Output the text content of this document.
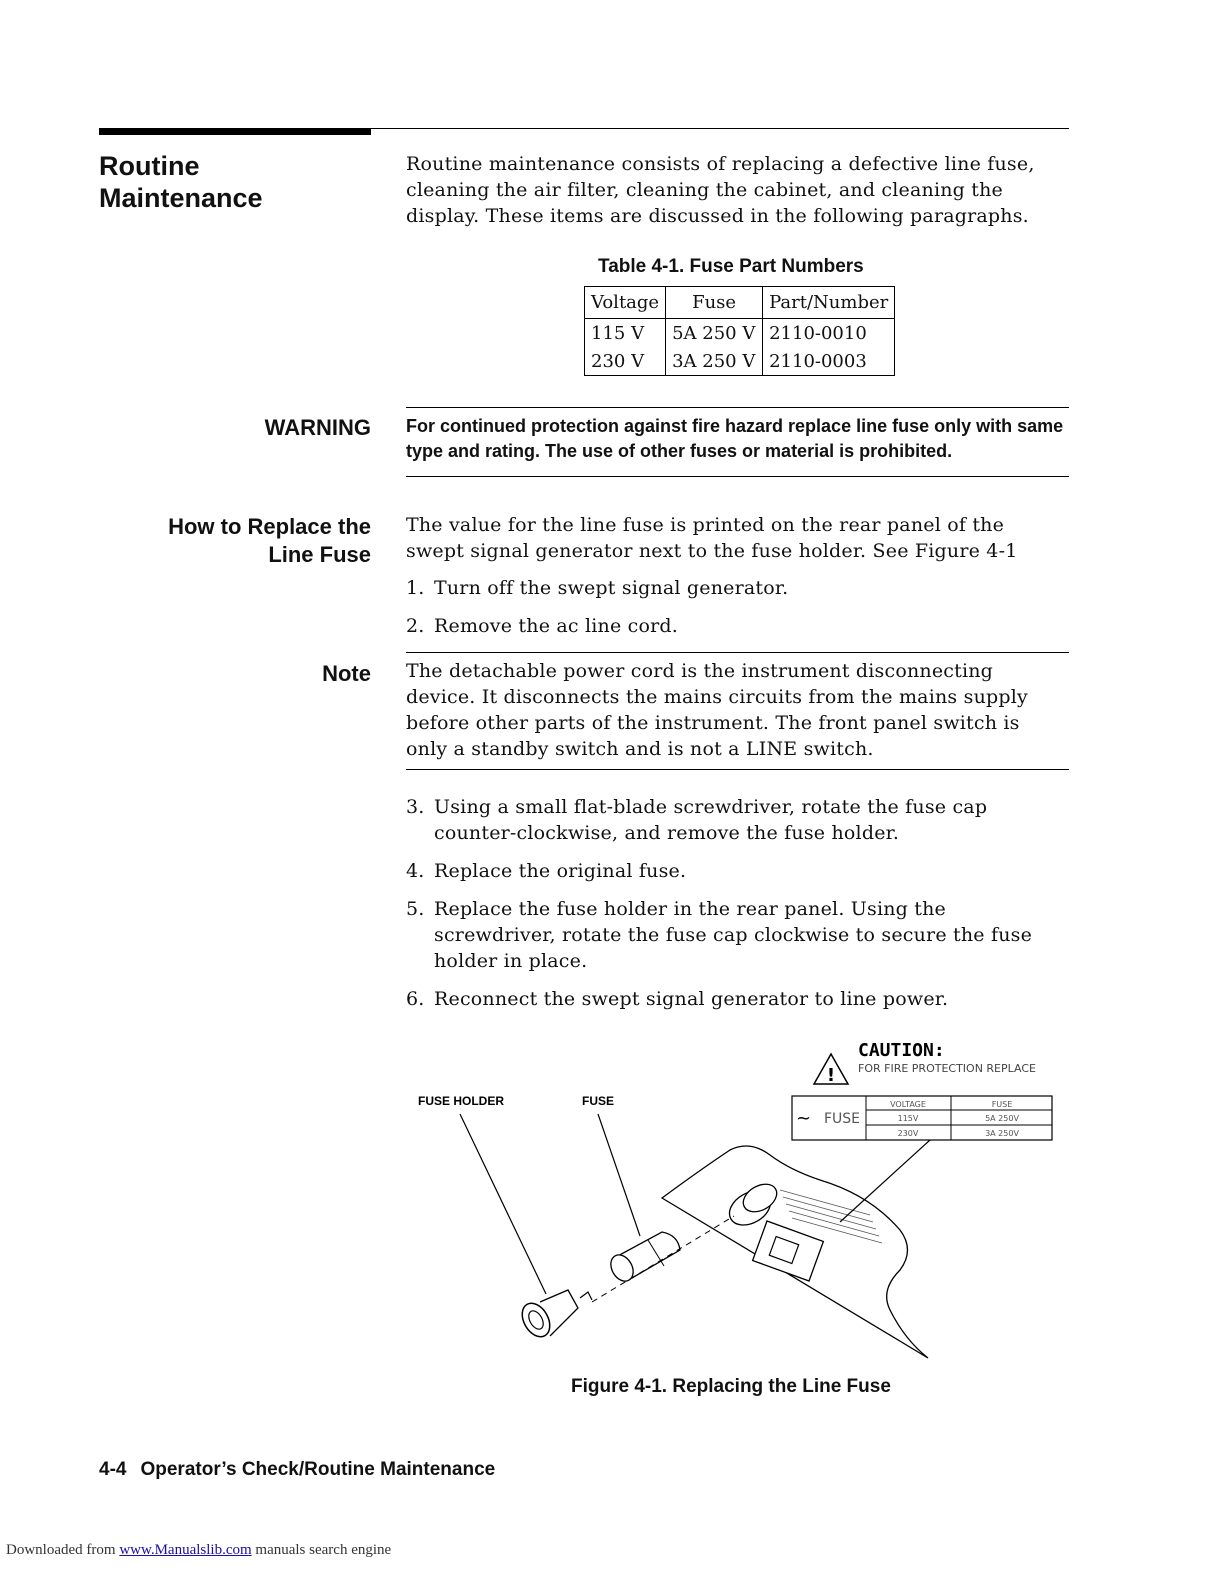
Routine
Maintenance
Routine maintenance consists of replacing a defective line fuse, cleaning the air filter, cleaning the cabinet, and cleaning the display. These items are discussed in the following paragraphs.
Table 4-1. Fuse Part Numbers
Voltage	Fuse	Part/Number
115 V	5A 250 V	2110-0010
230 V	3A 250 V	2110-0003
WARNING For continued protection against fire hazard replace line fuse only with same type and rating. The use of other fuses or material is prohibited.
How to Replace the
Line Fuse
The value for the line fuse is printed on the rear panel of the swept signal generator next to the fuse holder. See Figure 4-1
1. Turn off the swept signal generator.
2. Remove the ac line cord.
Note The detachable power cord is the instrument disconnecting device. It disconnects the mains circuits from the mains supply before other parts of the instrument. The front panel switch is only a standby switch and is not a LINE switch.
3. Using a small flat-blade screwdriver, rotate the fuse cap counter-clockwise, and remove the fuse holder.
4. Replace the original fuse.
5. Replace the fuse holder in the rear panel. Using the screwdriver, rotate the fuse cap clockwise to secure the fuse holder in place.
6. Reconnect the swept signal generator to line power.
!
CAUTION:
FOR FIRE PROTECTION REPLACE
FUSE HOLDER	FUSE
~ FUSE
VOLTAGE	FUSE
115V	5A 250V
230V	3A 250V
Figure 4-1. Replacing the Line Fuse
4-4 Operator’s Check/Routine Maintenance
Downloaded from www.Manualslib.com manuals search engine
